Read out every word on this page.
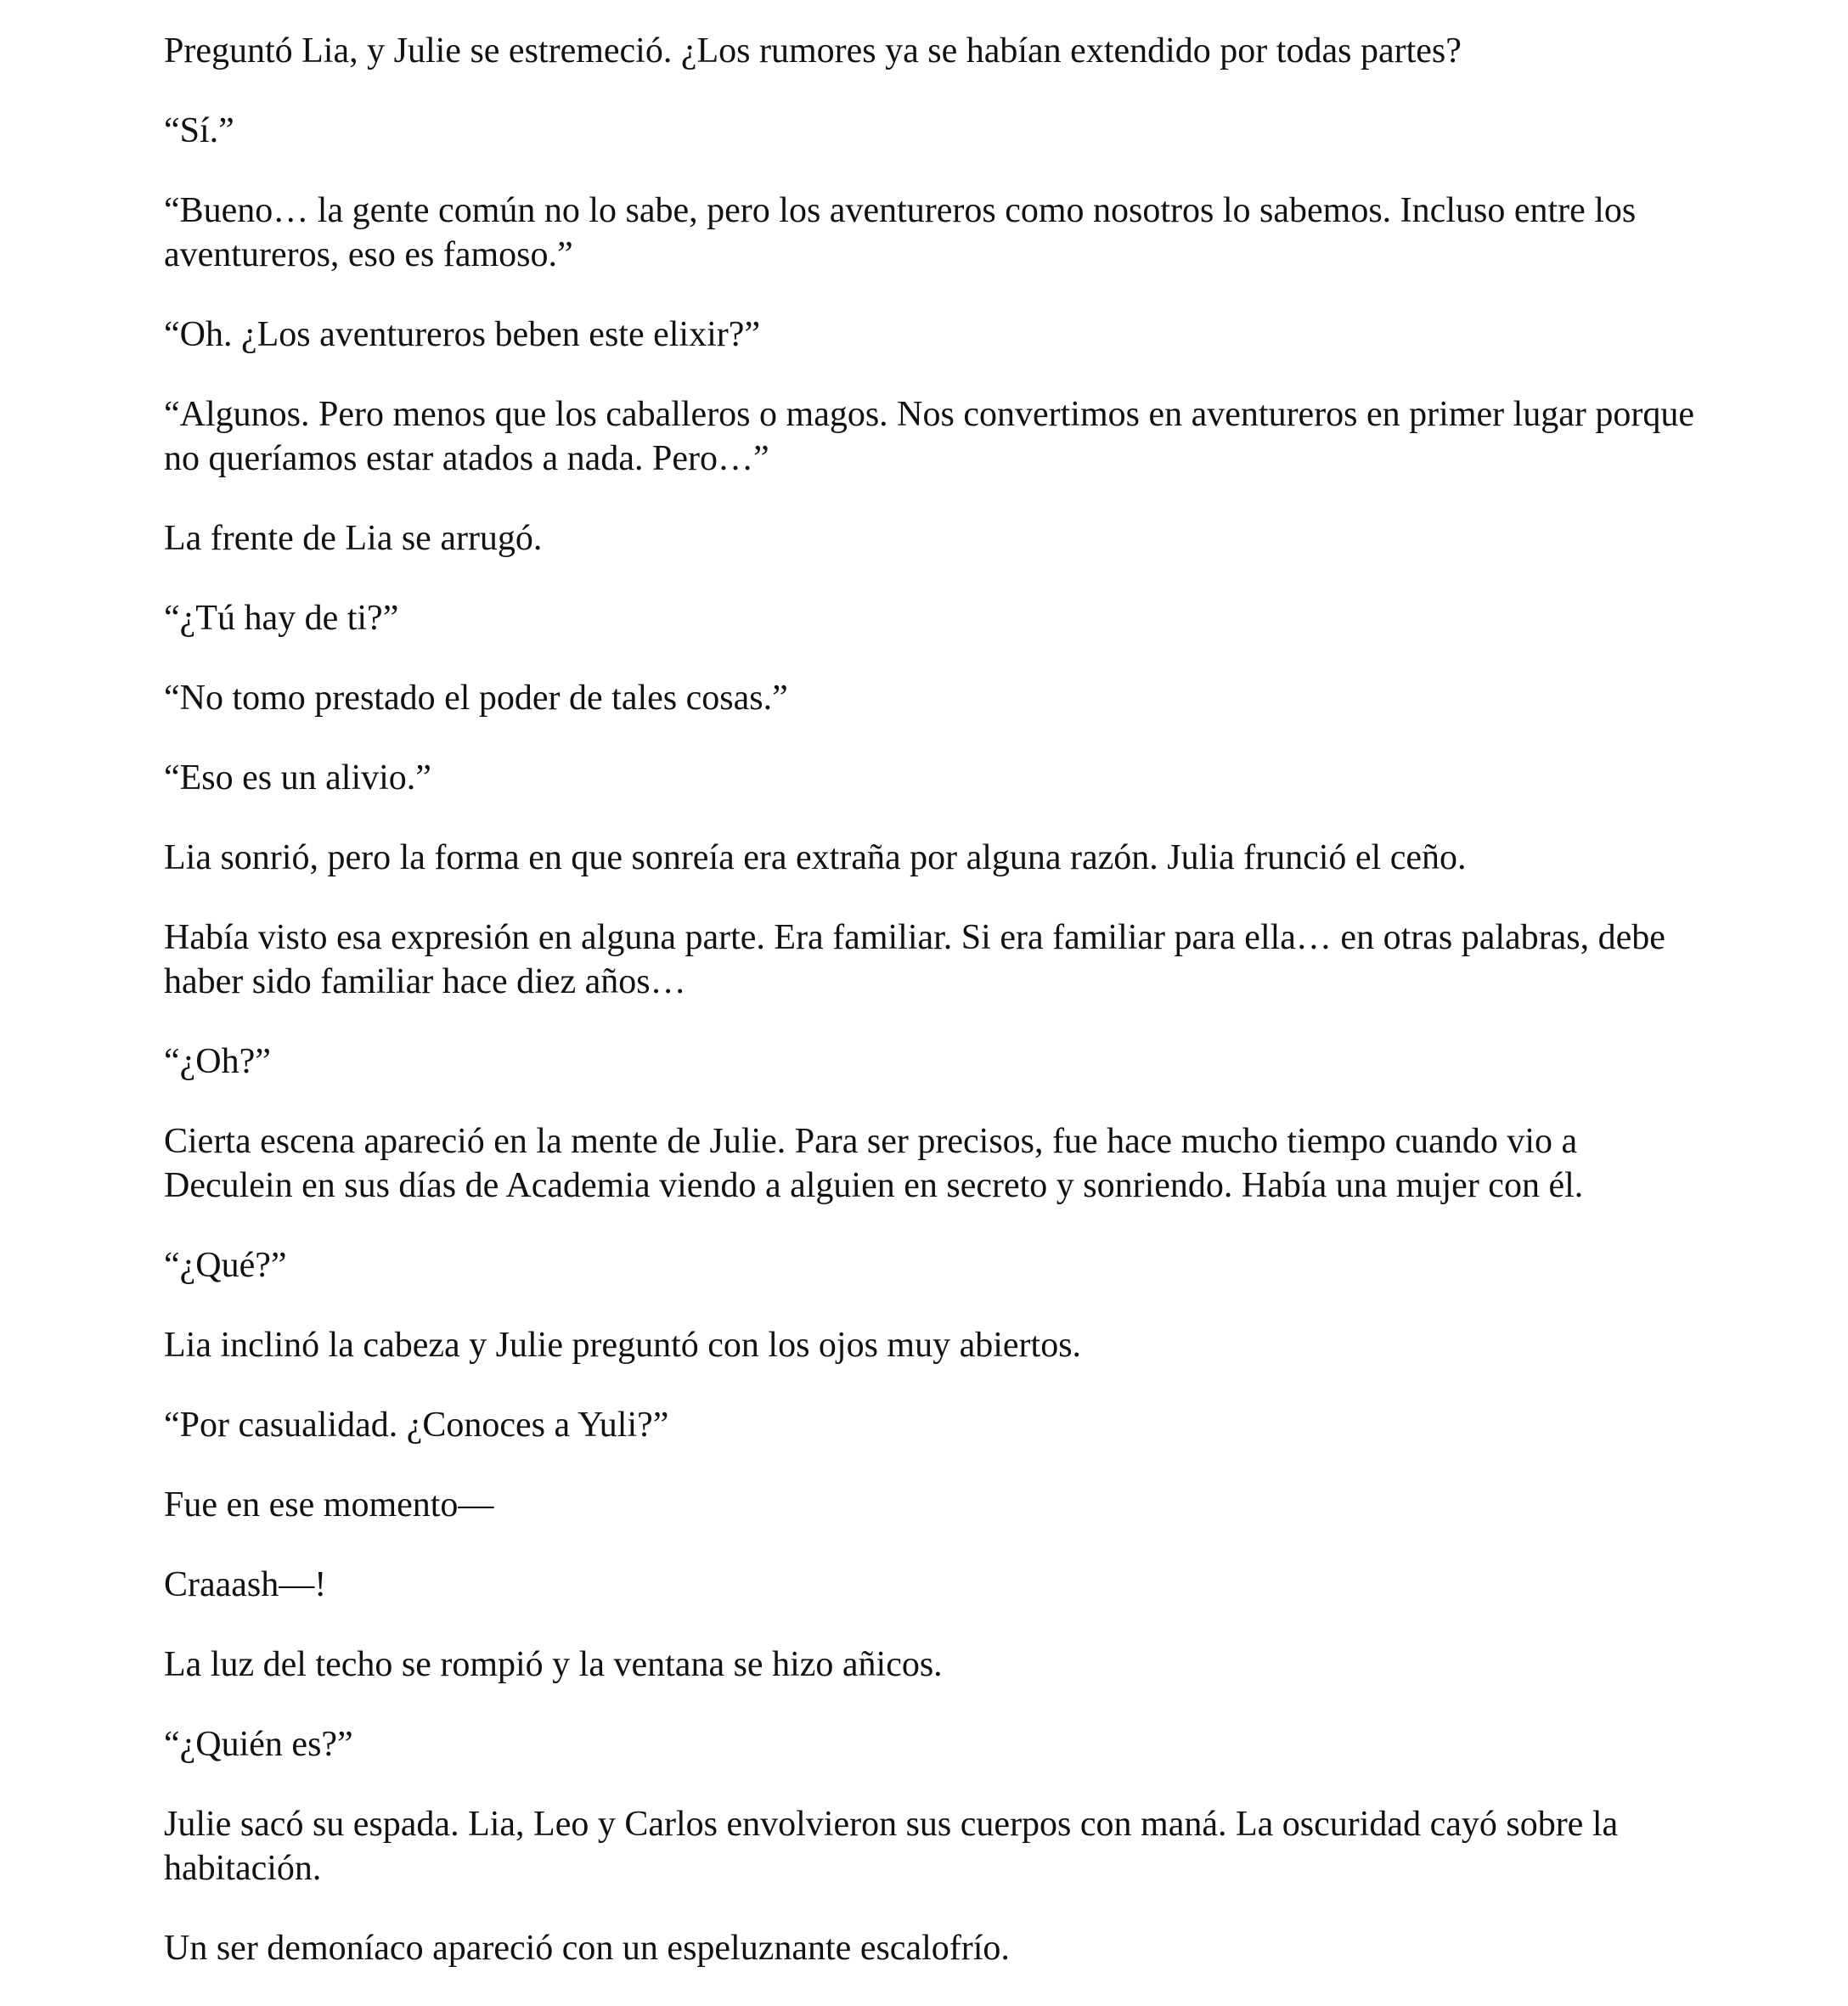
Preguntó Lia, y Julie se estremeció. ¿Los rumores ya se habían extendido por todas partes?

“Sí.”

“Bueno… la gente común no lo sabe, pero los aventureros como nosotros lo sabemos. Incluso entre los aventureros, eso es famoso.”

“Oh. ¿Los aventureros beben este elixir?”

“Algunos. Pero menos que los caballeros o magos. Nos convertimos en aventureros en primer lugar porque no queríamos estar atados a nada. Pero…”

La frente de Lia se arrugó.

“¿Tú hay de ti?”

“No tomo prestado el poder de tales cosas.”

“Eso es un alivio.”

Lia sonrió, pero la forma en que sonreía era extraña por alguna razón. Julia frunció el ceño.

Había visto esa expresión en alguna parte. Era familiar. Si era familiar para ella… en otras palabras, debe haber sido familiar hace diez años…

“¿Oh?”

Cierta escena apareció en la mente de Julie. Para ser precisos, fue hace mucho tiempo cuando vio a Deculein en sus días de Academia viendo a alguien en secreto y sonriendo. Había una mujer con él.

“¿Qué?”

Lia inclinó la cabeza y Julie preguntó con los ojos muy abiertos.

“Por casualidad. ¿Conoces a Yuli?”

Fue en ese momento—

Craaash—!

La luz del techo se rompió y la ventana se hizo añicos.

“¿Quién es?”

Julie sacó su espada. Lia, Leo y Carlos envolvieron sus cuerpos con maná. La oscuridad cayó sobre la habitación.

Un ser demoníaco apareció con un espeluznante escalofrío.
